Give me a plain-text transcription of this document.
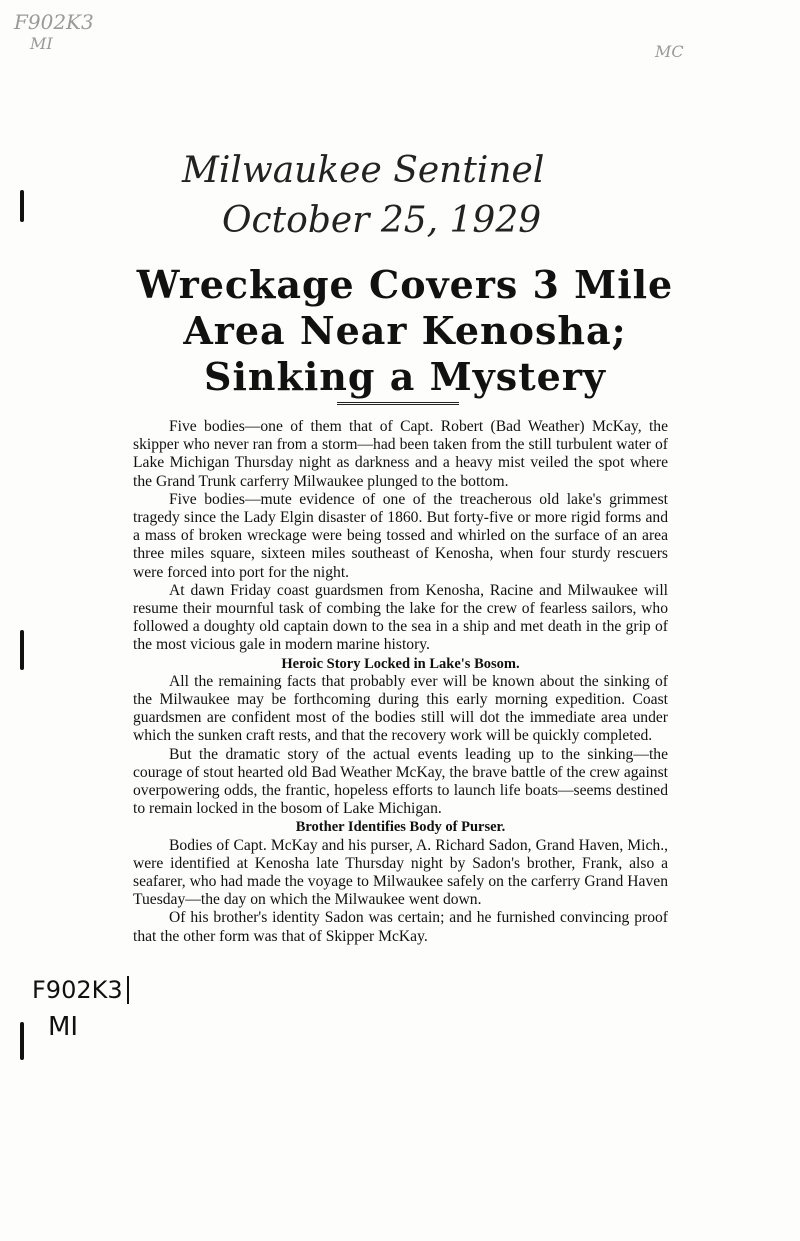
F902K3
MI	MC
Milwaukee Sentinel
October 25, 1929
Wreckage Covers 3 Mile
Area Near Kenosha;
Sinking a Mystery
F902K3
MI

Five bodies—one of them that of Capt. Robert (Bad Weather) McKay, the skipper who never ran from a storm—had been taken from the still turbulent water of Lake Michigan Thursday night as darkness and a heavy mist veiled the spot where the Grand Trunk carferry Milwaukee plunged to the bottom.

Five bodies—mute evidence of one of the treacherous old lake's grimmest tragedy since the Lady Elgin disaster of 1860. But forty-five or more rigid forms and a mass of broken wreckage were being tossed and whirled on the surface of an area three miles square, sixteen miles southeast of Kenosha, when four sturdy rescuers were forced into port for the night.

At dawn Friday coast guardsmen from Kenosha, Racine and Milwaukee will resume their mournful task of combing the lake for the crew of fearless sailors, who followed a doughty old captain down to the sea in a ship and met death in the grip of the most vicious gale in modern marine history.

Heroic Story Locked in Lake's Bosom.

All the remaining facts that probably ever will be known about the sinking of the Milwaukee may be forthcoming during this early morning expedition. Coast guardsmen are confident most of the bodies still will dot the immediate area under which the sunken craft rests, and that the recovery work will be quickly completed.

But the dramatic story of the actual events leading up to the sinking—the courage of stout hearted old Bad Weather McKay, the brave battle of the crew against overpowering odds, the frantic, hopeless efforts to launch life boats—seems destined to remain locked in the bosom of Lake Michigan.

Brother Identifies Body of Purser.

Bodies of Capt. McKay and his purser, A. Richard Sadon, Grand Haven, Mich., were identified at Kenosha late Thursday night by Sadon's brother, Frank, also a seafarer, who had made the voyage to Milwaukee safely on the carferry Grand Haven Tuesday—the day on which the Milwaukee went down.

Of his brother's identity Sadon was certain; and he furnished convincing proof that the other form was that of Skipper McKay.
